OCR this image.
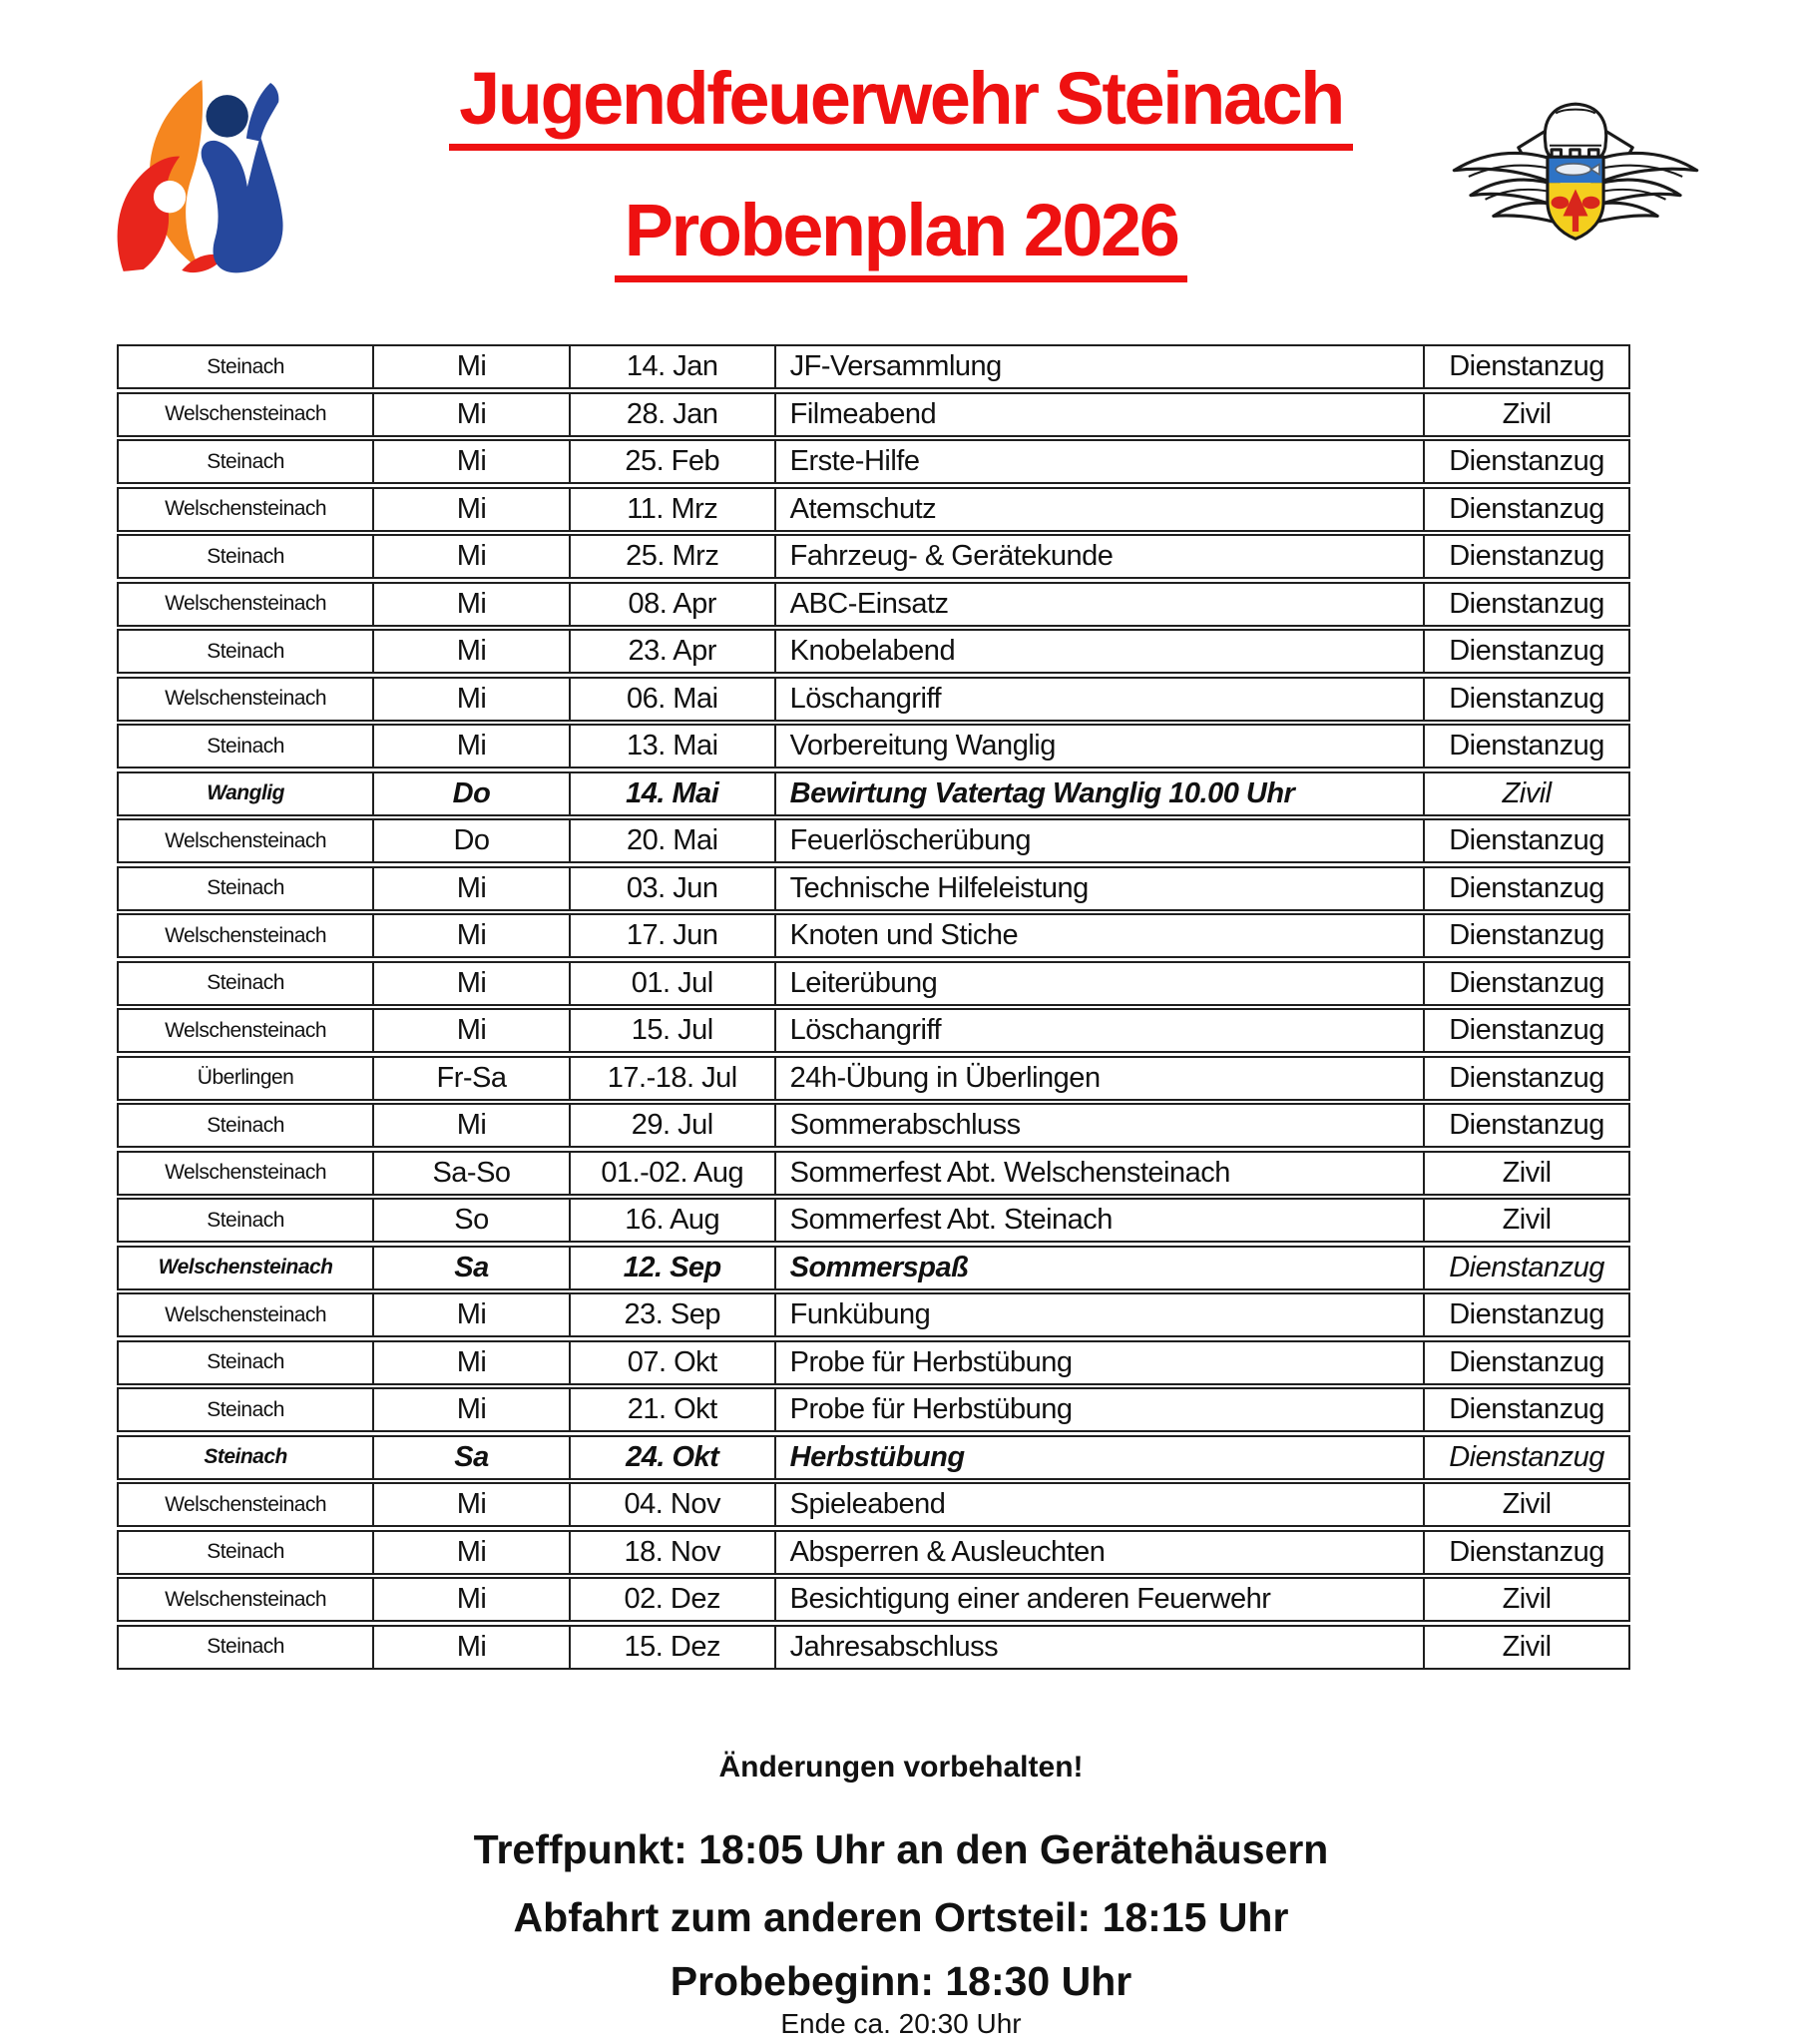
Jugendfeuerwehr Steinach
Probenplan 2026
Steinach	Mi	14. Jan	JF-Versammlung	Dienstanzug
Welschensteinach	Mi	28. Jan	Filmeabend	Zivil
Steinach	Mi	25. Feb	Erste-Hilfe	Dienstanzug
Welschensteinach	Mi	11. Mrz	Atemschutz	Dienstanzug
Steinach	Mi	25. Mrz	Fahrzeug- & Gerätekunde	Dienstanzug
Welschensteinach	Mi	08. Apr	ABC-Einsatz	Dienstanzug
Steinach	Mi	23. Apr	Knobelabend	Dienstanzug
Welschensteinach	Mi	06. Mai	Löschangriff	Dienstanzug
Steinach	Mi	13. Mai	Vorbereitung Wanglig	Dienstanzug
Wanglig	Do	14. Mai	Bewirtung Vatertag Wanglig 10.00 Uhr	Zivil
Welschensteinach	Do	20. Mai	Feuerlöscherübung	Dienstanzug
Steinach	Mi	03. Jun	Technische Hilfeleistung	Dienstanzug
Welschensteinach	Mi	17. Jun	Knoten und Stiche	Dienstanzug
Steinach	Mi	01. Jul	Leiterübung	Dienstanzug
Welschensteinach	Mi	15. Jul	Löschangriff	Dienstanzug
Überlingen	Fr-Sa	17.-18. Jul	24h-Übung in Überlingen	Dienstanzug
Steinach	Mi	29. Jul	Sommerabschluss	Dienstanzug
Welschensteinach	Sa-So	01.-02. Aug	Sommerfest Abt. Welschensteinach	Zivil
Steinach	So	16. Aug	Sommerfest Abt. Steinach	Zivil
Welschensteinach	Sa	12. Sep	Sommerspaß	Dienstanzug
Welschensteinach	Mi	23. Sep	Funkübung	Dienstanzug
Steinach	Mi	07. Okt	Probe für Herbstübung	Dienstanzug
Steinach	Mi	21. Okt	Probe für Herbstübung	Dienstanzug
Steinach	Sa	24. Okt	Herbstübung	Dienstanzug
Welschensteinach	Mi	04. Nov	Spieleabend	Zivil
Steinach	Mi	18. Nov	Absperren & Ausleuchten	Dienstanzug
Welschensteinach	Mi	02. Dez	Besichtigung einer anderen Feuerwehr	Zivil
Steinach	Mi	15. Dez	Jahresabschluss	Zivil
Änderungen vorbehalten!
Treffpunkt: 18:05 Uhr an den Gerätehäusern
Abfahrt zum anderen Ortsteil: 18:15 Uhr
Probebeginn: 18:30 Uhr
Ende ca. 20:30 Uhr
